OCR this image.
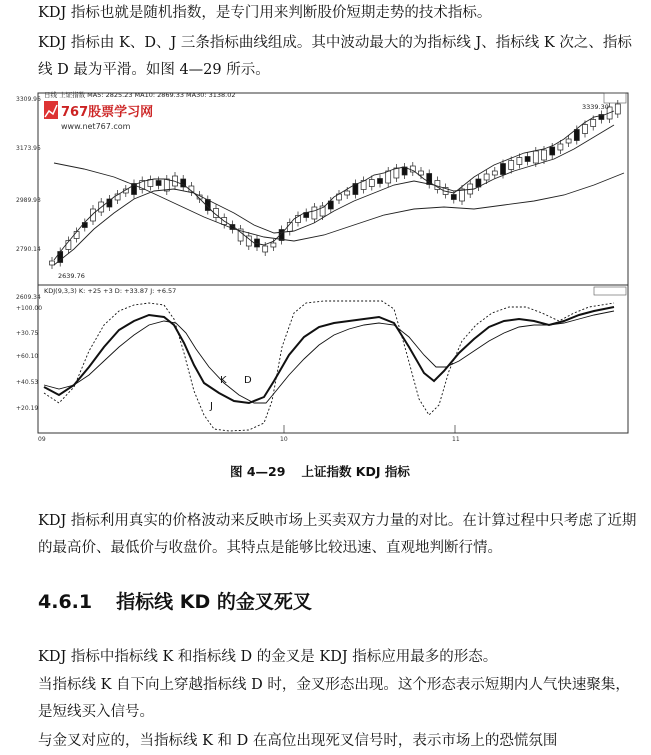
KDJ 指标也就是随机指数，是专门用来判断股价短期走势的技术指标。

KDJ 指标由 K、D、J 三条指标曲线组成。其中波动最大的为指标线 J、指标线 K 次之、指标线 D 最为平滑。如图 4—29 所示。

日线 上证指数 MA5: 2825.23 MA10: 2869.33 MA30: 3138.02
767股票学习网
www.net767.com
3309.96
3173.95
2989.93
2790.14
2609.34
2639.76
3339.30
KDJ(9,3,3) K: +25 +3 D: +33.87 J: +6.57
+100.00
+30.75
+60.10
+40.53
+20.19
K D
J
09	10	11
图 4—29 上证指数 KDJ 指标

KDJ 指标利用真实的价格波动来反映市场上买卖双方力量的对比。在计算过程中只考虑了近期的最高价、最低价与收盘价。其特点是能够比较迅速、直观地判断行情。

4.6.1 指标线 KD 的金叉死叉

KDJ 指标中指标线 K 和指标线 D 的金叉是 KDJ 指标应用最多的形态。

当指标线 K 自下向上穿越指标线 D 时，金叉形态出现。这个形态表示短期内人气快速聚集，是短线买入信号。

与金叉对应的，当指标线 K 和 D 在高位出现死叉信号时，表示市场上的恐慌氛围
